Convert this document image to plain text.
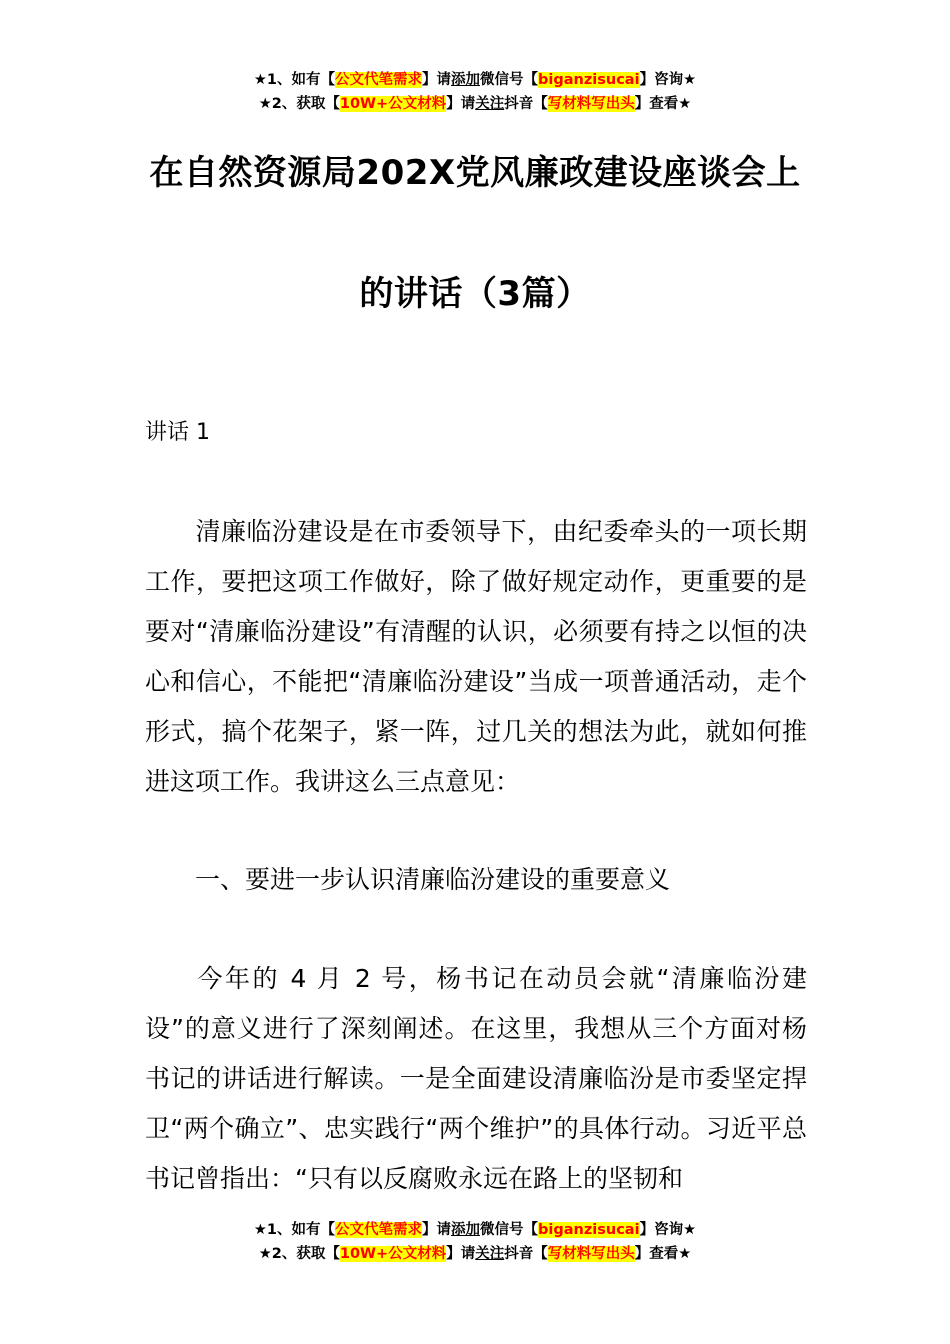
★1、如有【公文代笔需求】请添加微信号【biganzisucai】咨询★
★2、获取【10W+公文材料】请关注抖音【写材料写出头】查看★
在自然资源局202X党风廉政建设座谈会上
的讲话（3篇）
讲话 1
清廉临汾建设是在市委领导下，由纪委牵头的一项长期工作，要把这项工作做好，除了做好规定动作，更重要的是要对“清廉临汾建设”有清醒的认识，必须要有持之以恒的决心和信心，不能把“清廉临汾建设”当成一项普通活动，走个形式，搞个花架子，紧一阵，过几关的想法为此，就如何推进这项工作。我讲这么三点意见：
一、要进一步认识清廉临汾建设的重要意义
今年的 4 月 2 号，杨书记在动员会就“清廉临汾建设”的意义进行了深刻阐述。在这里，我想从三个方面对杨书记的讲话进行解读。一是全面建设清廉临汾是市委坚定捍卫“两个确立”、忠实践行“两个维护”的具体行动。习近平总书记曾指出：“只有以反腐败永远在路上的坚韧和
★1、如有【公文代笔需求】请添加微信号【biganzisucai】咨询★
★2、获取【10W+公文材料】请关注抖音【写材料写出头】查看★
